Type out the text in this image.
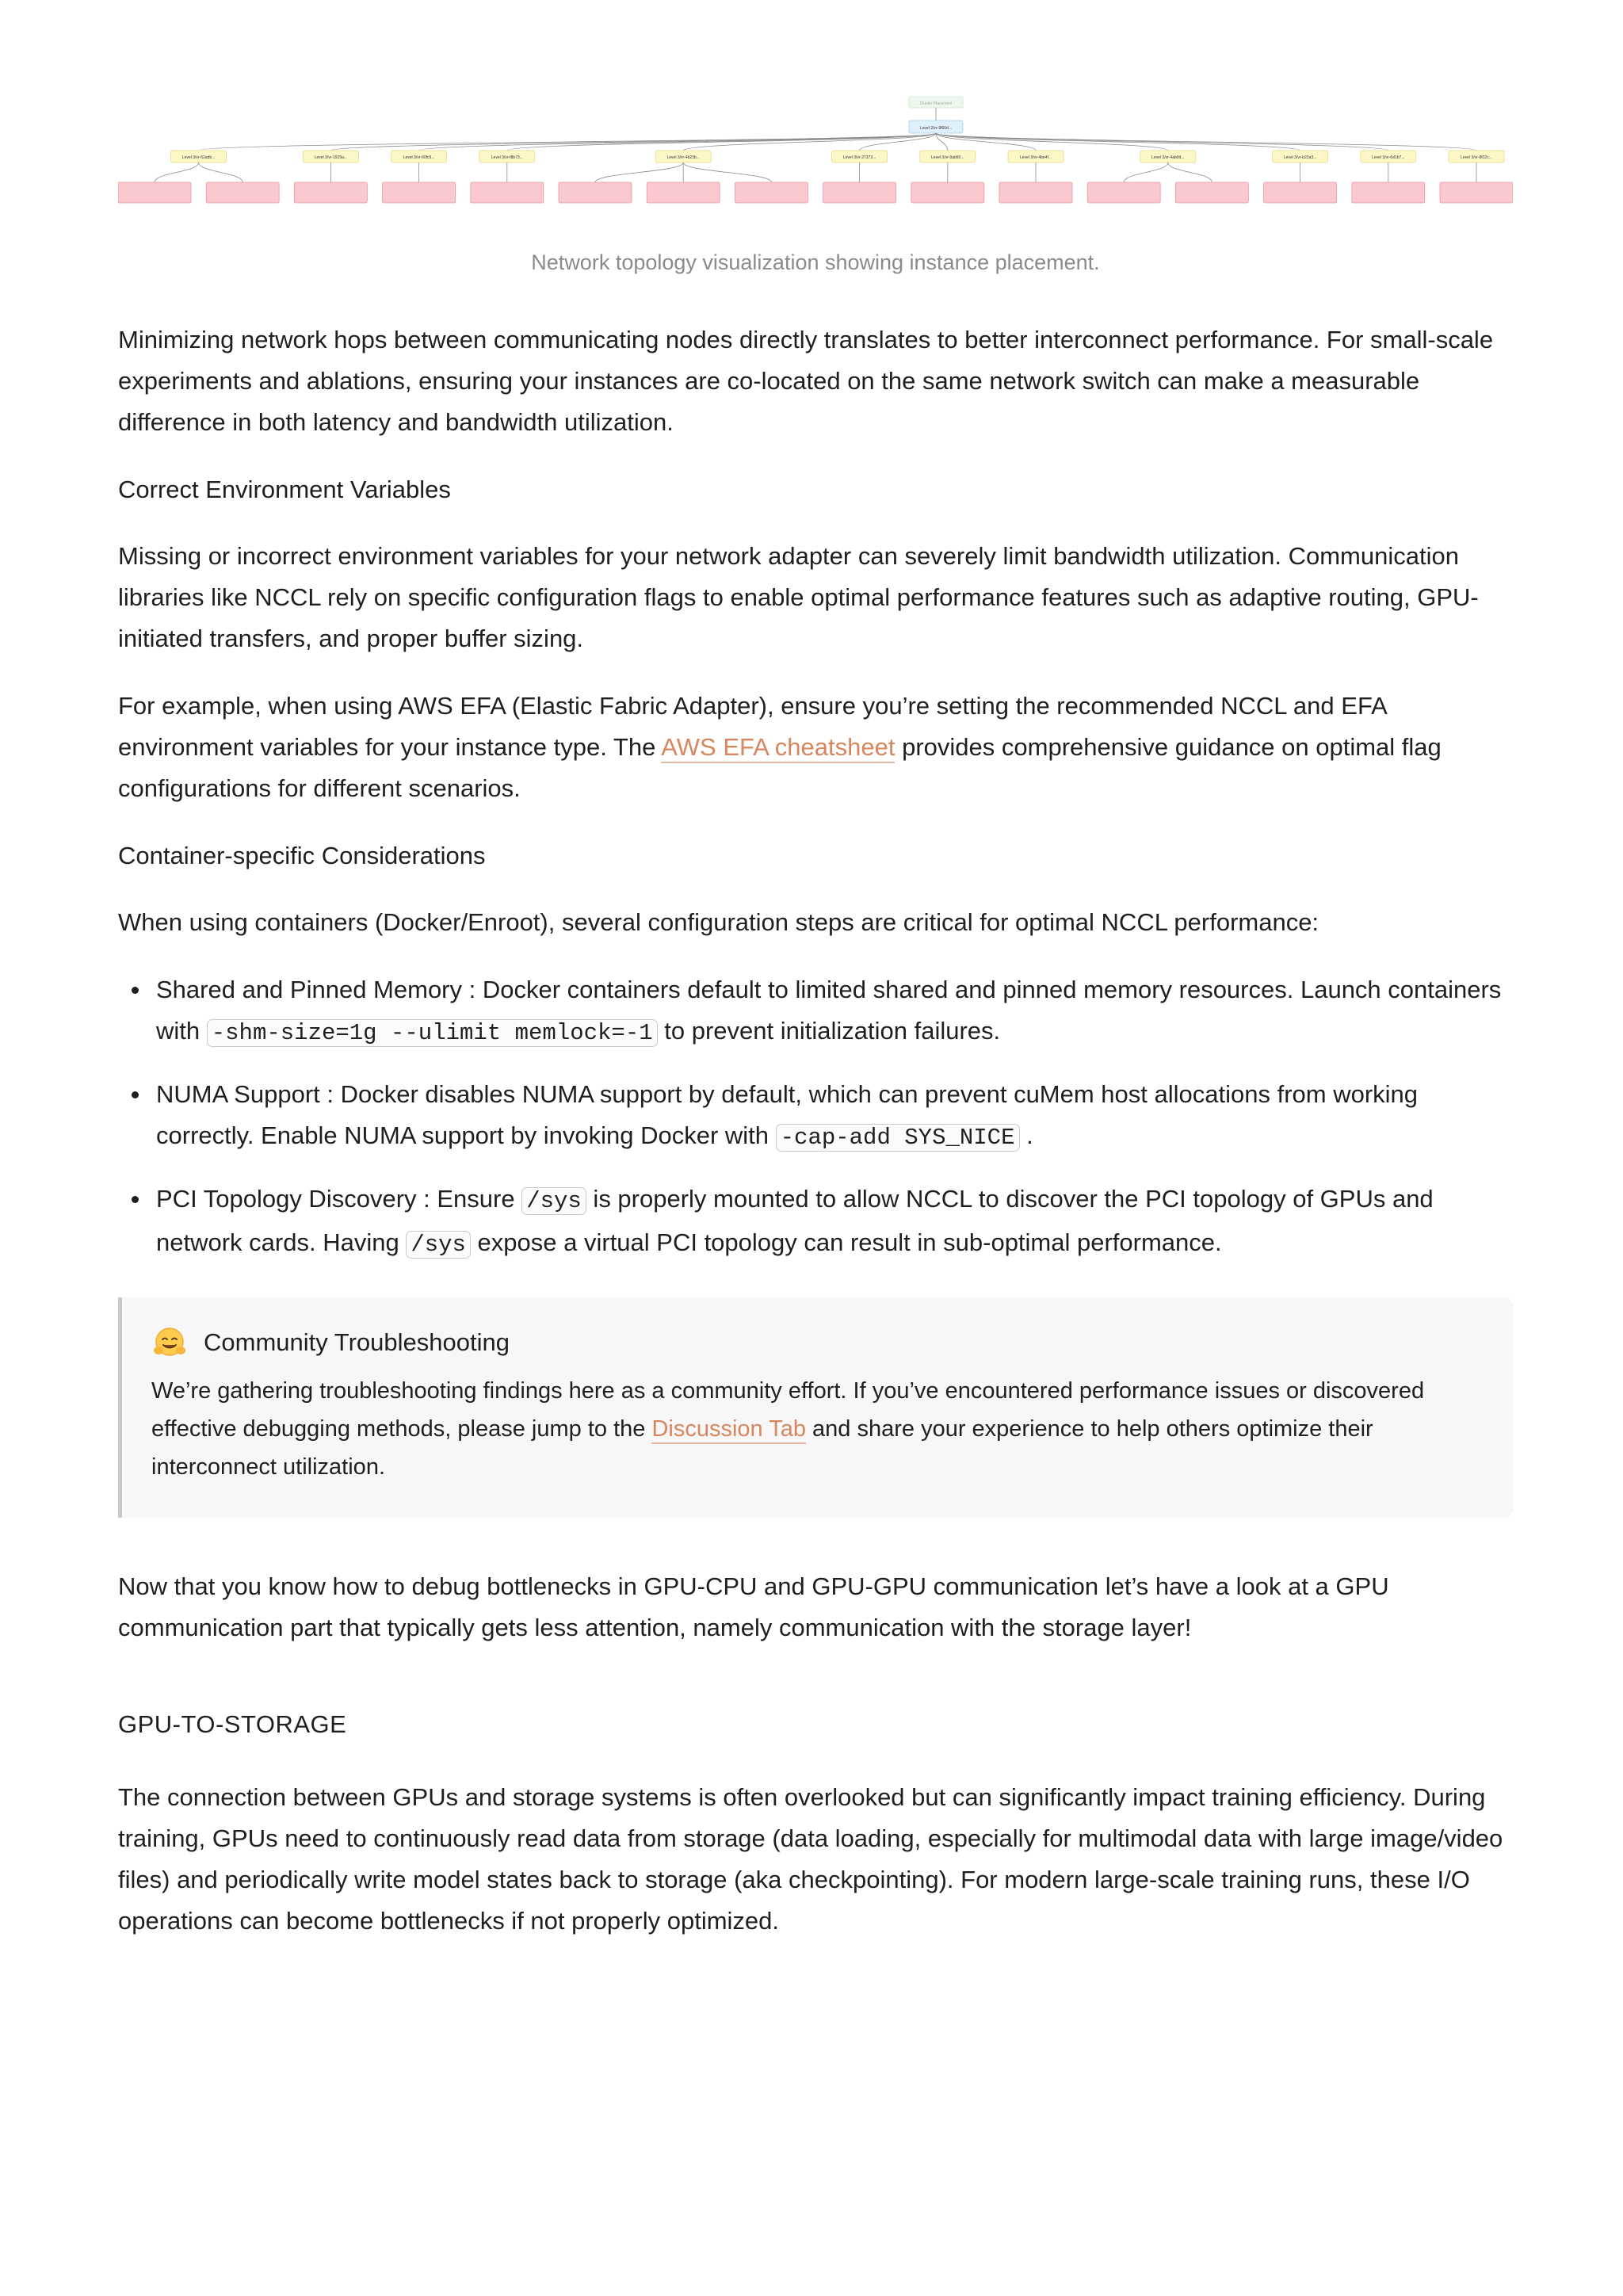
Cluster Placement
Level 2/vr-9f60d...
Level 3/vr-62adb...	Level 3/vr-1929a...	Level 3/vr-60fc9...	Level 3/vr-f8b73...	Level 3/vr-4b23b...	Level 3/vr-27373...	Level 3/vr-9ab60...	Level 3/vr-4be4f...	Level 3/vr-4ab0d...	Level 3/vr-b22a3...	Level 3/vr-6d1b7...	Level 3/vr-8f22c...
Network topology visualization showing instance placement.

Minimizing network hops between communicating nodes directly translates to better interconnect performance. For small-scale experiments and ablations, ensuring your instances are co-located on the same network switch can make a measurable difference in both latency and bandwidth utilization.

Correct Environment Variables

Missing or incorrect environment variables for your network adapter can severely limit bandwidth utilization. Communication libraries like NCCL rely on specific configuration flags to enable optimal performance features such as adaptive routing, GPU-initiated transfers, and proper buffer sizing.

For example, when using AWS EFA (Elastic Fabric Adapter), ensure you’re setting the recommended NCCL and EFA environment variables for your instance type. The AWS EFA cheatsheet provides comprehensive guidance on optimal flag configurations for different scenarios.

Container-specific Considerations

When using containers (Docker/Enroot), several configuration steps are critical for optimal NCCL performance:

Shared and Pinned Memory : Docker containers default to limited shared and pinned memory resources. Launch containers with -shm-size=1g --ulimit memlock=-1 to prevent initialization failures.
NUMA Support : Docker disables NUMA support by default, which can prevent cuMem host allocations from working correctly. Enable NUMA support by invoking Docker with -cap-add SYS_NICE .
PCI Topology Discovery : Ensure /sys is properly mounted to allow NCCL to discover the PCI topology of GPUs and network cards. Having /sys expose a virtual PCI topology can result in sub-optimal performance.
Community Troubleshooting

We’re gathering troubleshooting findings here as a community effort. If you’ve encountered performance issues or discovered effective debugging methods, please jump to the Discussion Tab and share your experience to help others optimize their interconnect utilization.

Now that you know how to debug bottlenecks in GPU-CPU and GPU-GPU communication let’s have a look at a GPU communication part that typically gets less attention, namely communication with the storage layer!

GPU-TO-STORAGE

The connection between GPUs and storage systems is often overlooked but can significantly impact training efficiency. During training, GPUs need to continuously read data from storage (data loading, especially for multimodal data with large image/video files) and periodically write model states back to storage (aka checkpointing). For modern large-scale training runs, these I/O operations can become bottlenecks if not properly optimized.
